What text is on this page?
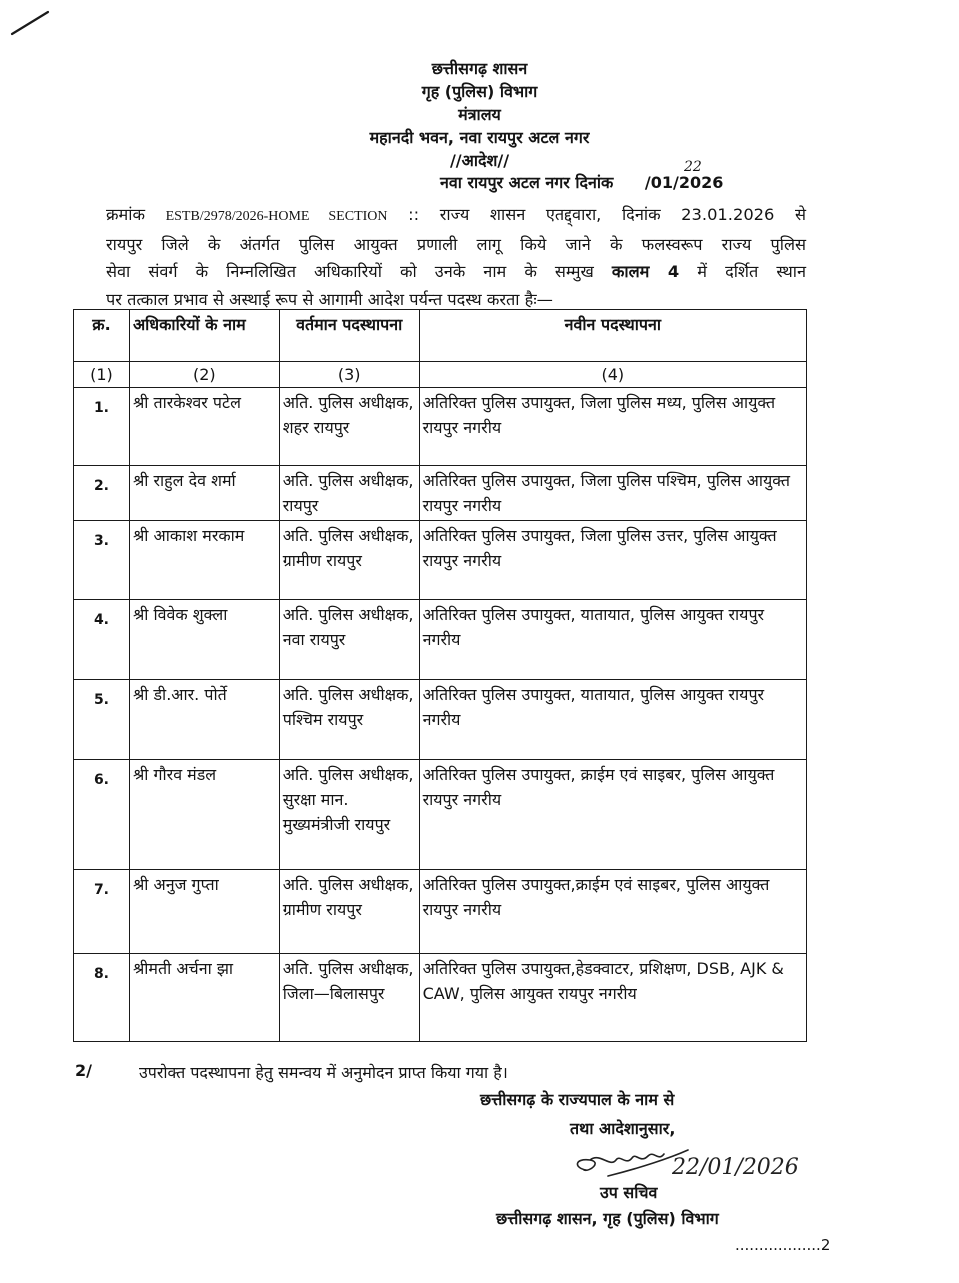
छत्तीसगढ़ शासन
गृह (पुलिस) विभाग
मंत्रालय
महानदी भवन, नवा रायपुर अटल नगर
//आदेश//
नवा रायपुर अटल नगर दिनांक
22
/01/2026
क्रमांक ESTB/2978/2026-HOME SECTION :: राज्य शासन एतद्द्वारा, दिनांक 23.01.2026 से
रायपुर जिले के अंतर्गत पुलिस आयुक्त प्रणाली लागू किये जाने के फलस्वरूप राज्य पुलिस
सेवा संवर्ग के निम्नलिखित अधिकारियों को उनके नाम के सम्मुख कालम 4 में दर्शित स्थान
पर तत्काल प्रभाव से अस्थाई रूप से आगामी आदेश पर्यन्त पदस्थ करता हैः—
क्र.	अधिकारियों के नाम	वर्तमान पदस्थापना	नवीन पदस्थापना
(1)	(2)	(3)	(4)
1.	श्री तारकेश्वर पटेल	अति. पुलिस अधीक्षक, शहर रायपुर	अतिरिक्त पुलिस उपायुक्त, जिला पुलिस मध्य, पुलिस आयुक्त रायपुर नगरीय
2.	श्री राहुल देव शर्मा	अति. पुलिस अधीक्षक, रायपुर	अतिरिक्त पुलिस उपायुक्त, जिला पुलिस पश्चिम, पुलिस आयुक्त रायपुर नगरीय
3.	श्री आकाश मरकाम	अति. पुलिस अधीक्षक, ग्रामीण रायपुर	अतिरिक्त पुलिस उपायुक्त, जिला पुलिस उत्तर, पुलिस आयुक्त रायपुर नगरीय
4.	श्री विवेक शुक्ला	अति. पुलिस अधीक्षक, नवा रायपुर	अतिरिक्त पुलिस उपायुक्त, यातायात, पुलिस आयुक्त रायपुर नगरीय
5.	श्री डी.आर. पोर्ते	अति. पुलिस अधीक्षक, पश्चिम रायपुर	अतिरिक्त पुलिस उपायुक्त, यातायात, पुलिस आयुक्त रायपुर नगरीय
6.	श्री गौरव मंडल	अति. पुलिस अधीक्षक, सुरक्षा मान. मुख्यमंत्रीजी रायपुर	अतिरिक्त पुलिस उपायुक्त, क्राईम एवं साइबर, पुलिस आयुक्त रायपुर नगरीय
7.	श्री अनुज गुप्ता	अति. पुलिस अधीक्षक, ग्रामीण रायपुर	अतिरिक्त पुलिस उपायुक्त,क्राईम एवं साइबर, पुलिस आयुक्त रायपुर नगरीय
8.	श्रीमती अर्चना झा	अति. पुलिस अधीक्षक, जिला—बिलासपुर	अतिरिक्त पुलिस उपायुक्त,हेडक्वाटर, प्रशिक्षण, DSB, AJK & CAW, पुलिस आयुक्त रायपुर नगरीय
2/	उपरोक्त पदस्थापना हेतु समन्वय में अनुमोदन प्राप्त किया गया है।
छत्तीसगढ़ के राज्यपाल के नाम से
तथा आदेशानुसार,
22/01/2026
उप सचिव
छत्तीसगढ़ शासन, गृह (पुलिस) विभाग
..................2
